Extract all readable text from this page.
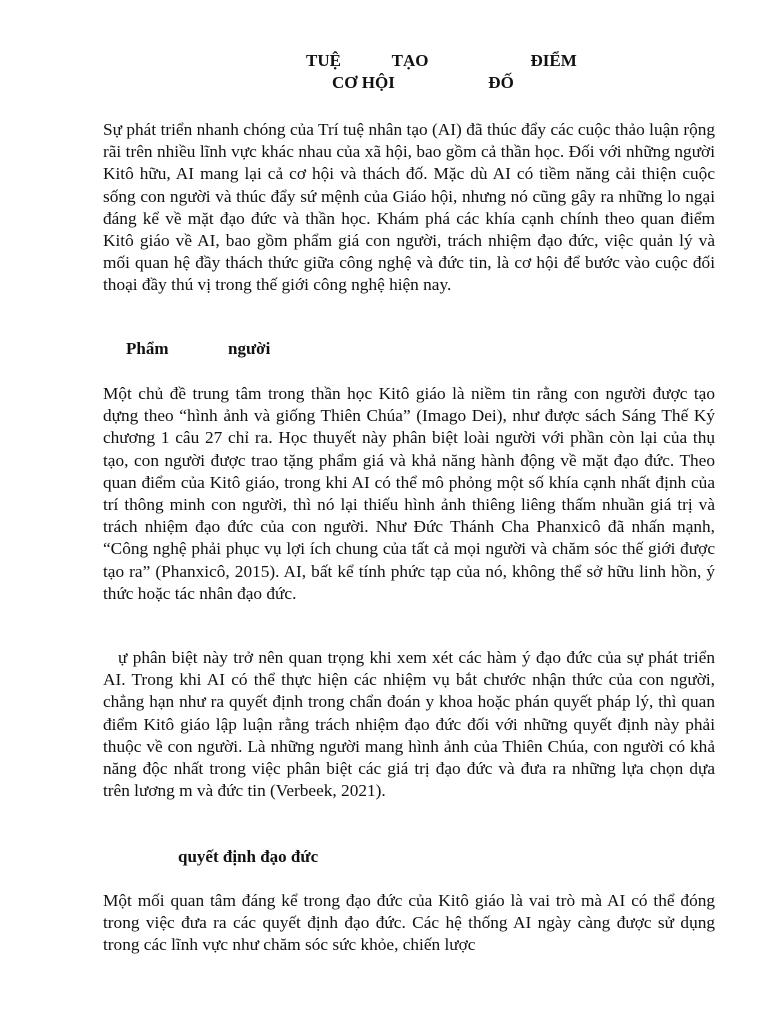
TUỆ            TẠO                        ĐIỂM

CƠ HỘI                      ĐỐ

Sự phát triển nhanh chóng của Trí tuệ nhân tạo (AI) đã thúc đẩy các cuộc thảo luận rộng rãi trên nhiều lĩnh vực khác nhau của xã hội, bao gồm cả thần học. Đối với những người Kitô hữu, AI mang lại cả cơ hội và thách đố. Mặc dù AI có tiềm năng cải thiện cuộc sống con người và thúc đẩy sứ mệnh của Giáo hội, nhưng nó cũng gây ra những lo ngại đáng kể về mặt đạo đức và thần học. Khám phá các khía cạnh chính theo quan điểm Kitô giáo về AI, bao gồm phẩm giá con người, trách nhiệm đạo đức, việc quản lý và mối quan hệ đầy thách thức giữa công nghệ và đức tin, là cơ hội để bước vào cuộc đối thoại đầy thú vị trong thế giới công nghệ hiện nay.

Phẩm              người

Một chủ đề trung tâm trong thần học Kitô giáo là niềm tin rằng con người được tạo dựng theo “hình ảnh và giống Thiên Chúa” (Imago Dei), như được sách Sáng Thế Ký chương 1 câu 27 chỉ ra. Học thuyết này phân biệt loài người với phần còn lại của thụ tạo, con người được trao tặng phẩm giá và khả năng hành động về mặt đạo đức. Theo quan điểm của Kitô giáo, trong khi AI có thể mô phỏng một số khía cạnh nhất định của trí thông minh con người, thì nó lại thiếu hình ảnh thiêng liêng thấm nhuần giá trị và trách nhiệm đạo đức của con người. Như Đức Thánh Cha Phanxicô đã nhấn mạnh, “Công nghệ phải phục vụ lợi ích chung của tất cả mọi người và chăm sóc thế giới được tạo ra” (Phanxicô, 2015). AI, bất kể tính phức tạp của nó, không thể sở hữu linh hồn, ý thức hoặc tác nhân đạo đức.

ự phân biệt này trở nên quan trọng khi xem xét các hàm ý đạo đức của sự phát triển AI. Trong khi AI có thể thực hiện các nhiệm vụ bắt chước nhận thức của con người, chẳng hạn như ra quyết định trong chẩn đoán y khoa hoặc phán quyết pháp lý, thì quan điểm Kitô giáo lập luận rằng trách nhiệm đạo đức đối với những quyết định này phải thuộc về con người. Là những người mang hình ảnh của Thiên Chúa, con người có khả năng độc nhất trong việc phân biệt các giá trị đạo đức và đưa ra những lựa chọn dựa trên lương m và đức tin (Verbeek, 2021).

quyết định đạo đức

Một mối quan tâm đáng kể trong đạo đức của Kitô giáo là vai trò mà AI có thể đóng trong việc đưa ra các quyết định đạo đức. Các hệ thống AI ngày càng được sử dụng trong các lĩnh vực như chăm sóc sức khỏe, chiến lược
